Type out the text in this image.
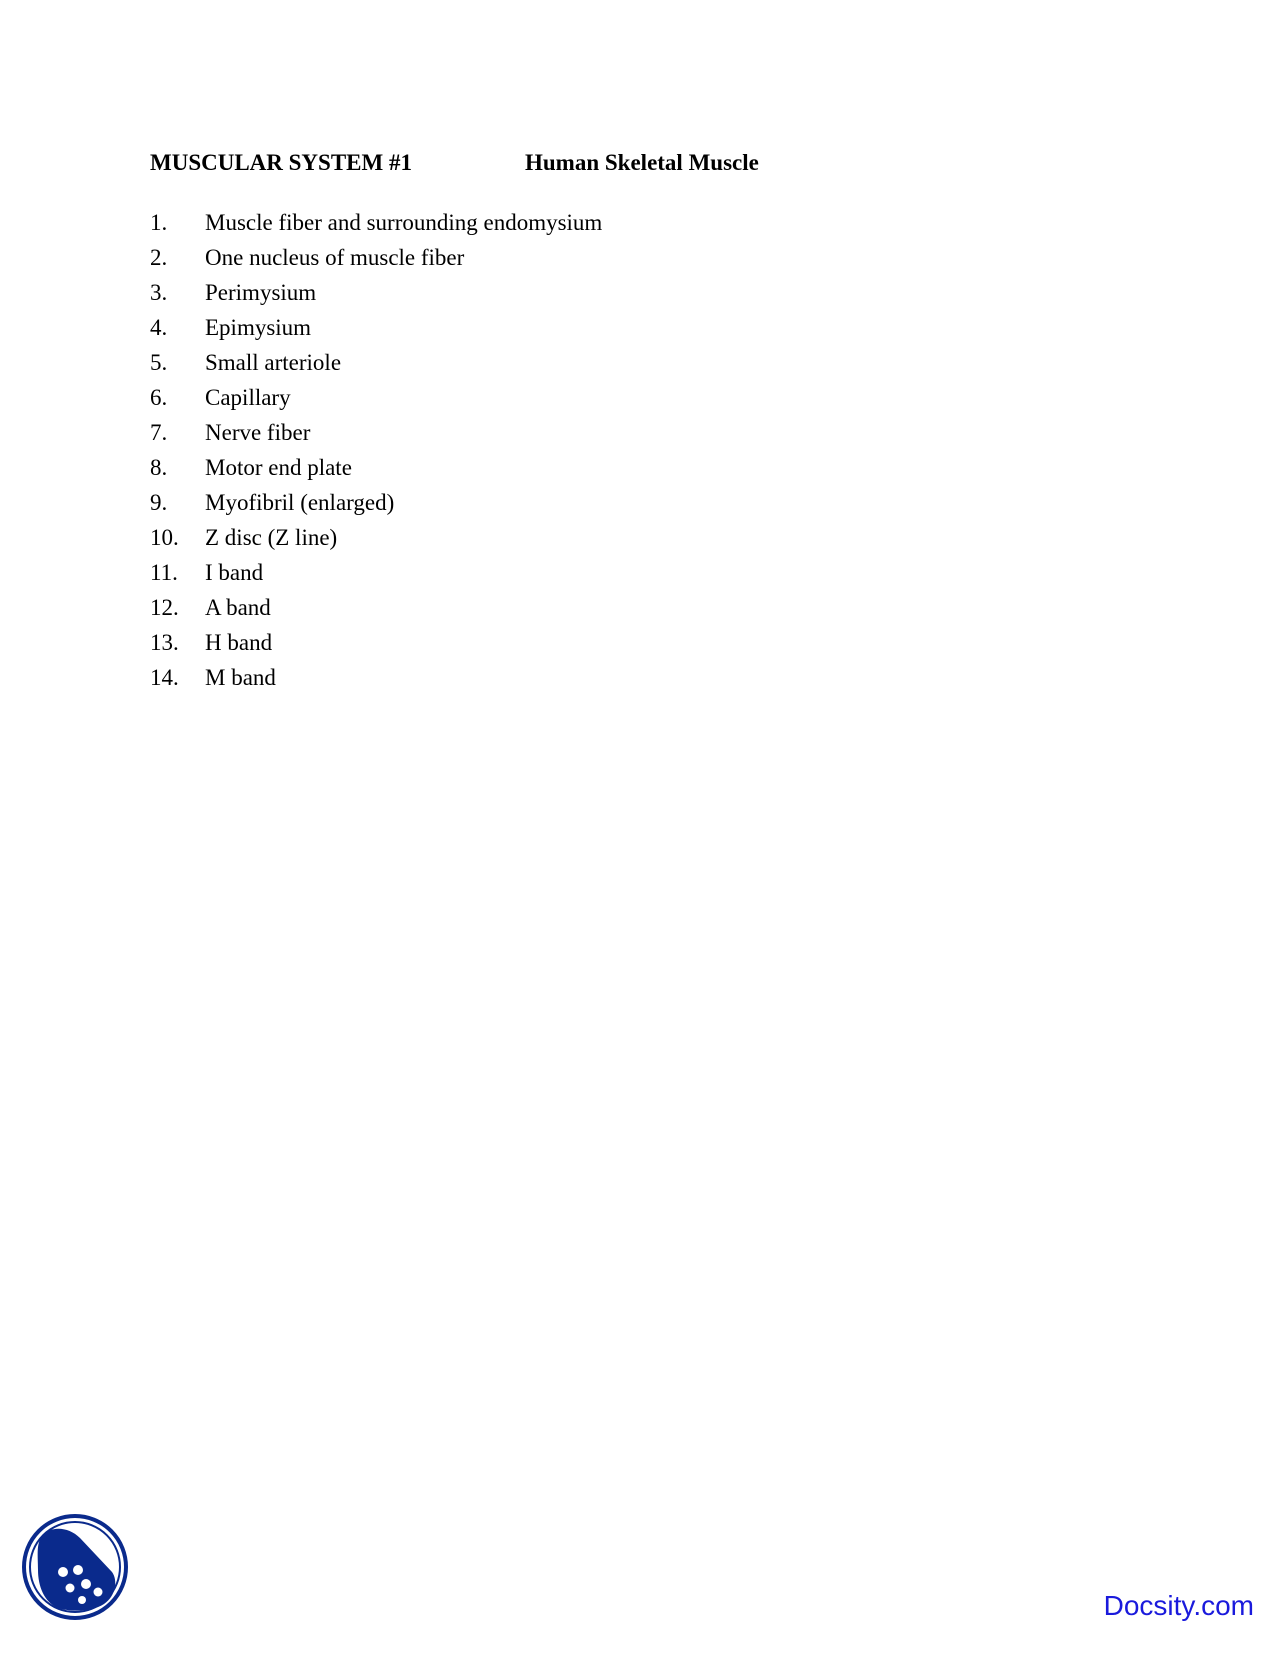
MUSCULAR SYSTEM #1	Human Skeletal Muscle
1. Muscle fiber and surrounding endomysium
2. One nucleus of muscle fiber
3. Perimysium
4. Epimysium
5. Small arteriole
6. Capillary
7. Nerve fiber
8. Motor end plate
9. Myofibril (enlarged)
10. Z disc (Z line)
11. I band
12. A band
13. H band
14. M band
Docsity.com
